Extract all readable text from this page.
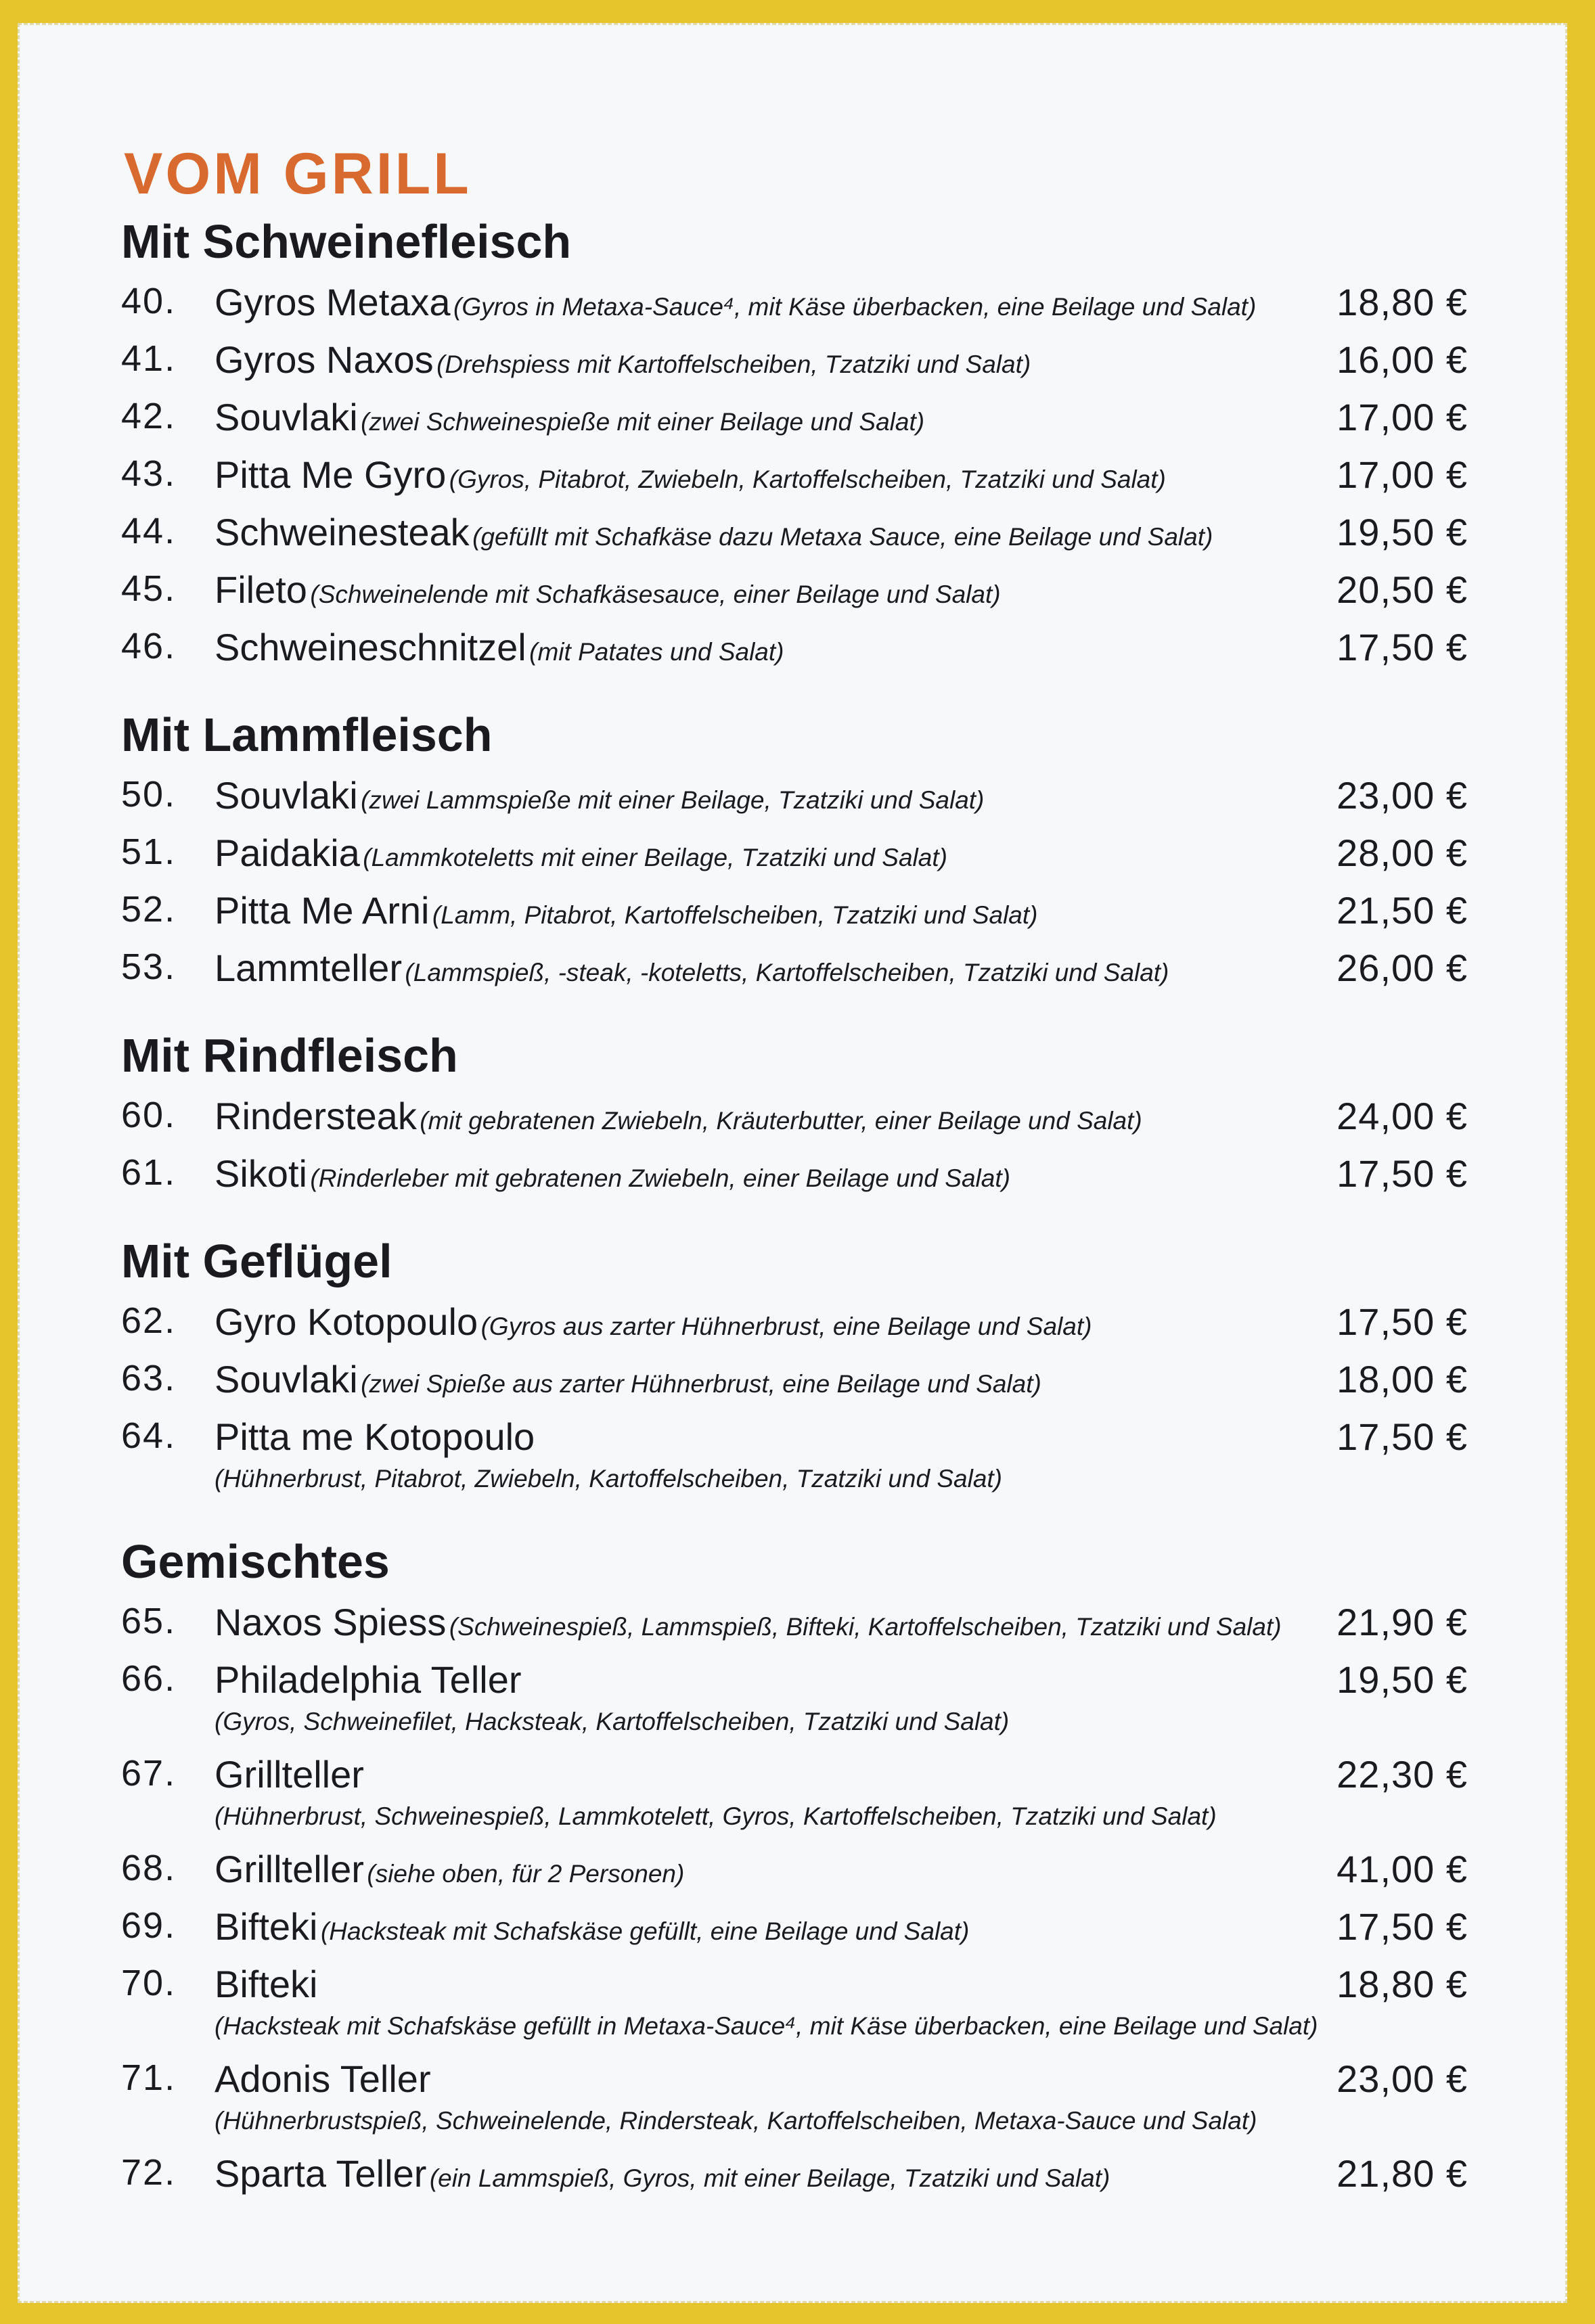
VOM GRILL
Mit Schweinefleisch
40. Gyros Metaxa (Gyros in Metaxa-Sauce⁴, mit Käse überbacken, eine Beilage und Salat) 18,80 €
41. Gyros Naxos (Drehspiess mit Kartoffelscheiben, Tzatziki und Salat)	16,00 €
42. Souvlaki (zwei Schweinespieße mit einer Beilage und Salat)	17,00 €
43. Pitta Me Gyro (Gyros, Pitabrot, Zwiebeln, Kartoffelscheiben, Tzatziki und Salat)	17,00 €
44. Schweinesteak (gefüllt mit Schafkäse dazu Metaxa Sauce, eine Beilage und Salat)	19,50 €
45. Fileto (Schweinelende mit Schafkäsesauce, einer Beilage und Salat)	20,50 €
46. Schweineschnitzel (mit Patates und Salat)	17,50 €
Mit Lammfleisch
50. Souvlaki (zwei Lammspieße mit einer Beilage, Tzatziki und Salat)	23,00 €
51. Paidakia (Lammkoteletts mit einer Beilage, Tzatziki und Salat)	28,00 €
52. Pitta Me Arni (Lamm, Pitabrot, Kartoffelscheiben, Tzatziki und Salat)	21,50 €
53. Lammteller (Lammspieß, -steak, -koteletts, Kartoffelscheiben, Tzatziki und Salat)	26,00 €
Mit Rindfleisch
60. Rindersteak (mit gebratenen Zwiebeln, Kräuterbutter, einer Beilage und Salat)	24,00 €
61. Sikoti (Rinderleber mit gebratenen Zwiebeln, einer Beilage und Salat)	17,50 €
Mit Geflügel
62. Gyro Kotopoulo (Gyros aus zarter Hühnerbrust, eine Beilage und Salat)	17,50 €
63. Souvlaki (zwei Spieße aus zarter Hühnerbrust, eine Beilage und Salat)	18,00 €
64. Pitta me Kotopoulo
(Hühnerbrust, Pitabrot, Zwiebeln, Kartoffelscheiben, Tzatziki und Salat)
17,50 €
Gemischtes
65. Naxos Spiess (Schweinespieß, Lammspieß, Bifteki, Kartoffelscheiben, Tzatziki und Salat) 21,90 €
66. Philadelphia Teller
(Gyros, Schweinefilet, Hacksteak, Kartoffelscheiben, Tzatziki und Salat)
19,50 €
67. Grillteller
(Hühnerbrust, Schweinespieß, Lammkotelett, Gyros, Kartoffelscheiben, Tzatziki und Salat)
22,30 €
68. Grillteller (siehe oben, für 2 Personen)	41,00 €
69. Bifteki (Hacksteak mit Schafskäse gefüllt, eine Beilage und Salat)	17,50 €
70. Bifteki
(Hacksteak mit Schafskäse gefüllt in Metaxa-Sauce⁴, mit Käse überbacken, eine Beilage und Salat)
18,80 €
71. Adonis Teller
(Hühnerbrustspieß, Schweinelende, Rindersteak, Kartoffelscheiben, Metaxa-Sauce und Salat)
23,00 €
72. Sparta Teller (ein Lammspieß, Gyros, mit einer Beilage, Tzatziki und Salat)	21,80 €
